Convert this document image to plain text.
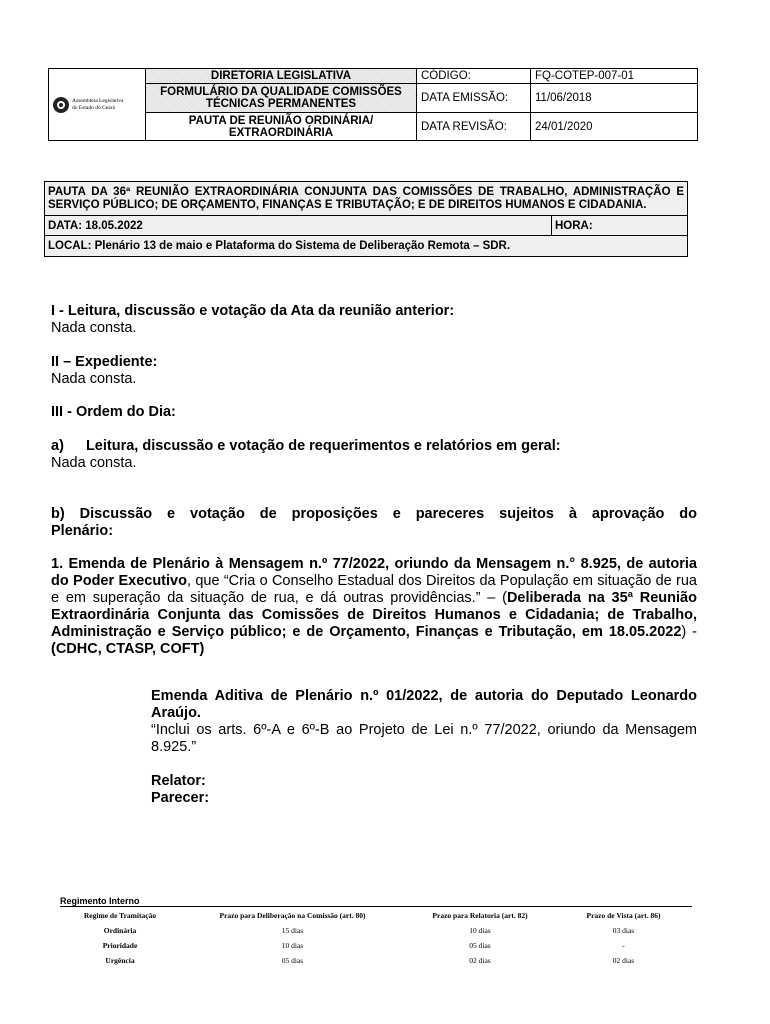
Assembleia Legislativa
do Estado do Ceará	DIRETORIA LEGISLATIVA	CÓDIGO:	FQ-COTEP-007-01
	FORMULÁRIO DA QUALIDADE COMISSÕES TÉCNICAS PERMANENTES	DATA EMISSÃO:	11/06/2018
	PAUTA DE REUNIÃO ORDINÁRIA/ EXTRAORDINÁRIA	DATA REVISÃO:	24/01/2020
PAUTA DA 36ª REUNIÃO EXTRAORDINÁRIA CONJUNTA DAS COMISSÕES DE TRABALHO, ADMINISTRAÇÃO E SERVIÇO PÚBLICO; DE ORÇAMENTO, FINANÇAS E TRIBUTAÇÃO; E DE DIREITOS HUMANOS E CIDADANIA.
DATA: 18.05.2022	HORA:
LOCAL: Plenário 13 de maio e Plataforma do Sistema de Deliberação Remota – SDR.

I - Leitura, discussão e votação da Ata da reunião anterior:

Nada consta.

II – Expediente:

Nada consta.

III - Ordem do Dia:

a) Leitura, discussão e votação de requerimentos e relatórios em geral:

Nada consta.

b) Discussão e votação de proposições e pareceres sujeitos à aprovação do Plenário:

1. Emenda de Plenário à Mensagem n.º 77/2022, oriundo da Mensagem n.° 8.925, de autoria do Poder Executivo, que “Cria o Conselho Estadual dos Direitos da População em situação de rua e em superação da situação de rua, e dá outras providências.” – (Deliberada na 35ª Reunião Extraordinária Conjunta das Comissões de Direitos Humanos e Cidadania; de Trabalho, Administração e Serviço público; e de Orçamento, Finanças e Tributação, em 18.05.2022) - (CDHC, CTASP, COFT)

Emenda Aditiva de Plenário n.º 01/2022, de autoria do Deputado Leonardo Araújo.

“Inclui os arts. 6º-A e 6º-B ao Projeto de Lei n.º 77/2022, oriundo da Mensagem 8.925.”

Relator:

Parecer:

Regimento Interno
Regime de Tramitação	Prazo para Deliberação na Comissão (art. 80)	Prazo para Relatoria (art. 82)	Prazo de Vista (art. 86)
Ordinária	15 dias	10 dias	03 dias
Prioridade	10 dias	05 dias	-
Urgência	05 dias	02 dias	02 dias
